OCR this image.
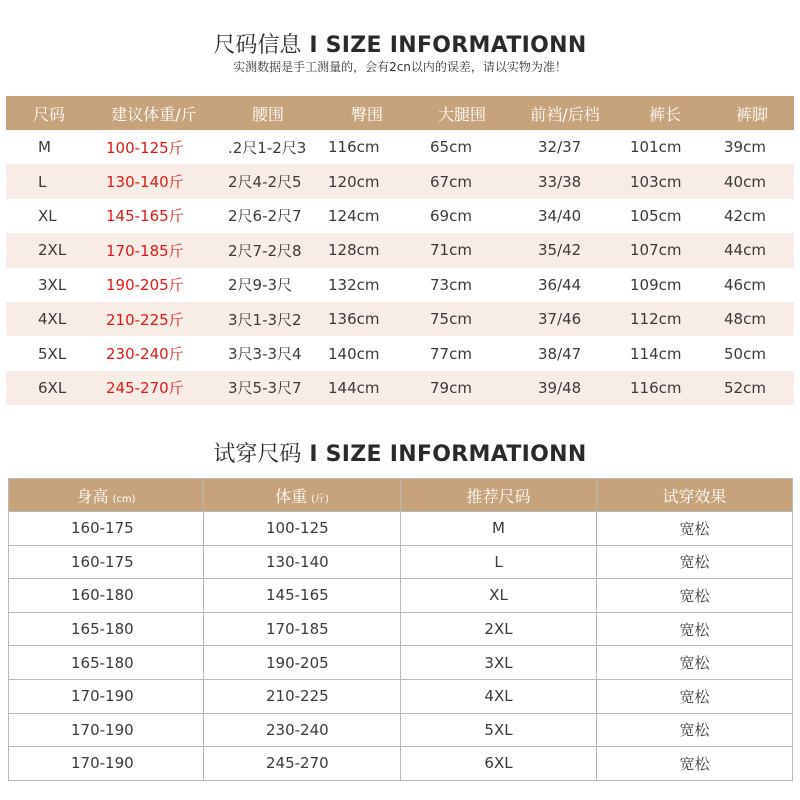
尺码信息 I SIZE INFORMATIONN
实测数据是手工测量的，会有2cn以内的误差，请以实物为准！
尺码	建议体重/斤	腰围	臀围	大腿围	前裆/后档	裤长	裤脚
M	100-125斤	.2尺1-2尺3	116cm	65cm	32/37	101cm	39cm
L	130-140斤	2尺4-2尺5	120cm	67cm	33/38	103cm	40cm
XL	145-165斤	2尺6-2尺7	124cm	69cm	34/40	105cm	42cm
2XL	170-185斤	2尺7-2尺8	128cm	71cm	35/42	107cm	44cm
3XL	190-205斤	2尺9-3尺	132cm	73cm	36/44	109cm	46cm
4XL	210-225斤	3尺1-3尺2	136cm	75cm	37/46	112cm	48cm
5XL	230-240斤	3尺3-3尺4	140cm	77cm	38/47	114cm	50cm
6XL	245-270斤	3尺5-3尺7	144cm	79cm	39/48	116cm	52cm
试穿尺码 I SIZE INFORMATIONN
身高 (cm)	体重 (斤)	推荐尺码	试穿效果
160-175	100-125	M	宽松
160-175	130-140	L	宽松
160-180	145-165	XL	宽松
165-180	170-185	2XL	宽松
165-180	190-205	3XL	宽松
170-190	210-225	4XL	宽松
170-190	230-240	5XL	宽松
170-190	245-270	6XL	宽松
